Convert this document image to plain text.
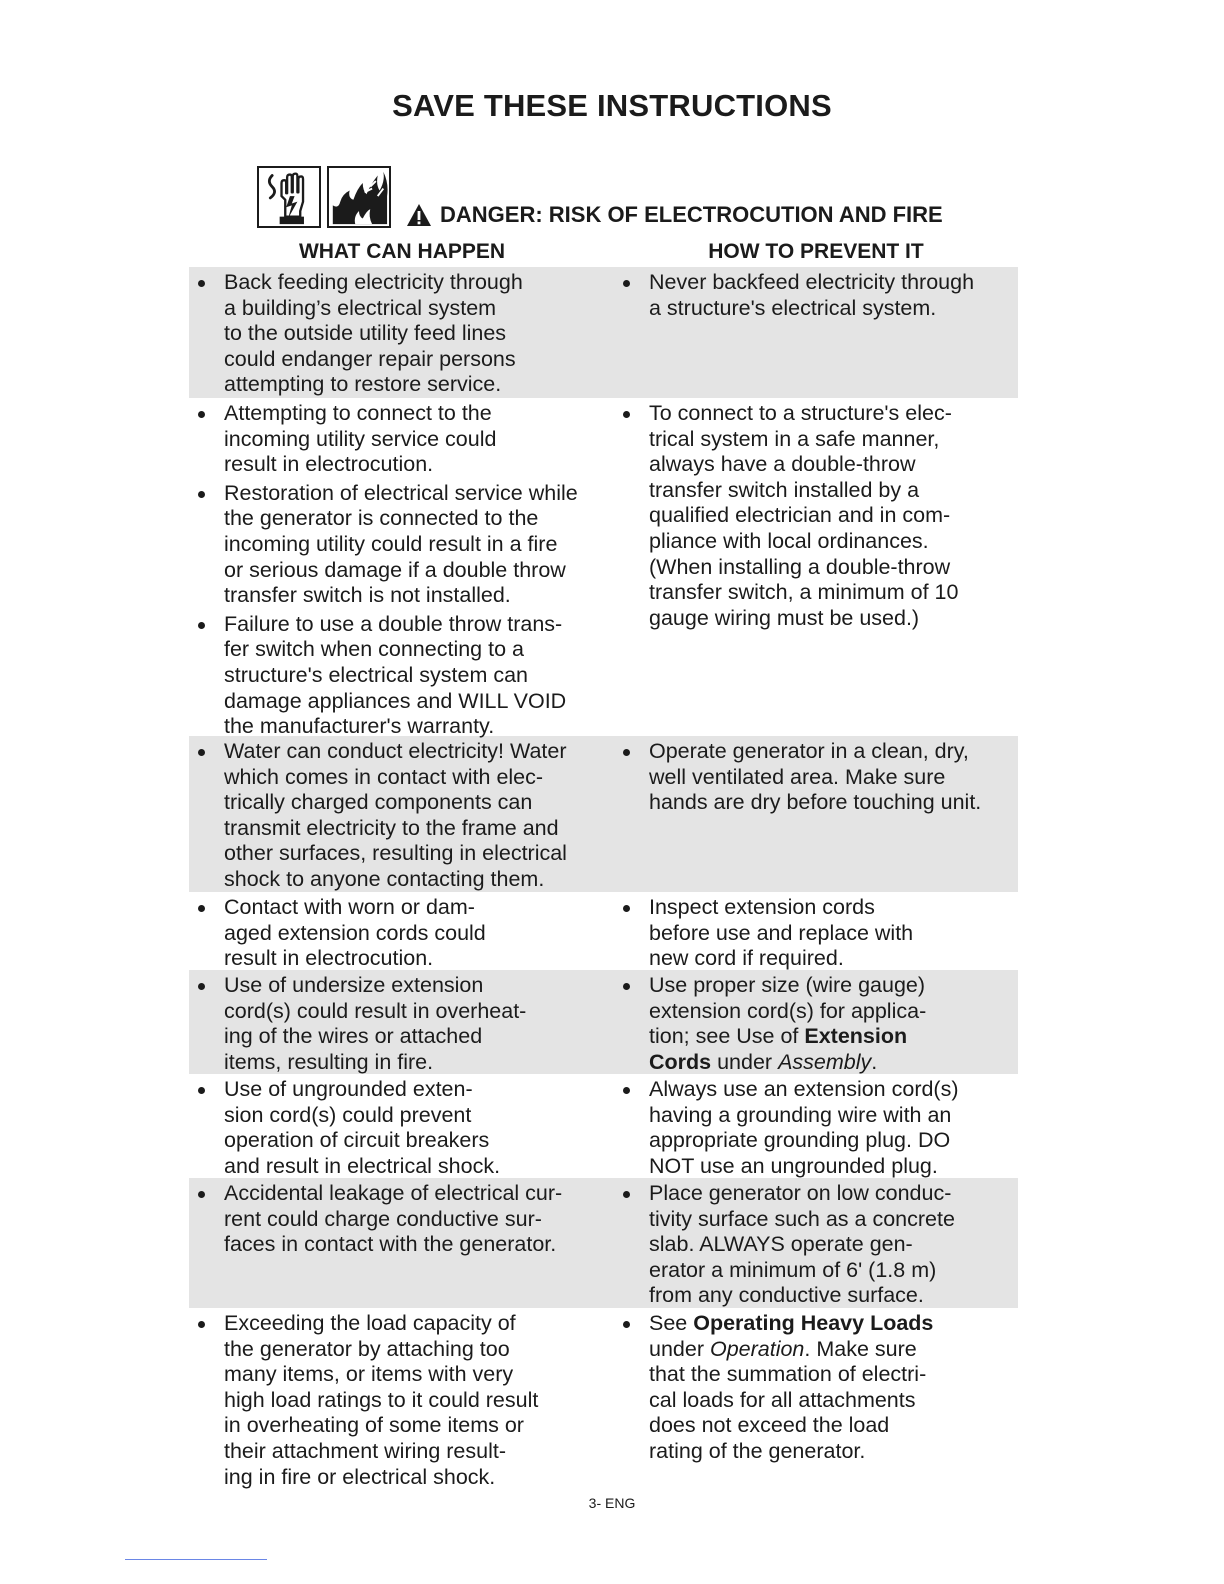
SAVE THESE INSTRUCTIONS
DANGER: RISK OF ELECTROCUTION AND FIRE
WHAT CAN HAPPEN	HOW TO PREVENT IT
Back feeding electricity through
a building’s electrical system
to the outside utility feed lines
could endanger repair persons
attempting to restore service.
Never backfeed electricity through
a structure's electrical system.
Attempting to connect to the
incoming utility service could
result in electrocution.
Restoration of electrical service while
the generator is connected to the
incoming utility could result in a fire
or serious damage if a double throw
transfer switch is not installed.
Failure to use a double throw trans-
fer switch when connecting to a
structure's electrical system can
damage appliances and WILL VOID
the manufacturer's warranty.
To connect to a structure's elec-
trical system in a safe manner,
always have a double-throw
transfer switch installed by a
qualified electrician and in com-
pliance with local ordinances.
(When installing a double-throw
transfer switch, a minimum of 10
gauge wiring must be used.)
Water can conduct electricity! Water
which comes in contact with elec-
trically charged components can
transmit electricity to the frame and
other surfaces, resulting in electrical
shock to anyone contacting them.
Operate generator in a clean, dry,
well ventilated area. Make sure
hands are dry before touching unit.
Contact with worn or dam-
aged extension cords could
result in electrocution.
Inspect extension cords
before use and replace with
new cord if required.
Use of undersize extension
cord(s) could result in overheat-
ing of the wires or attached
items, resulting in fire.
Use proper size (wire gauge)
extension cord(s) for applica-
tion; see Use of Extension
Cords under Assembly.
Use of ungrounded exten-
sion cord(s) could prevent
operation of circuit breakers
and result in electrical shock.
Always use an extension cord(s)
having a grounding wire with an
appropriate grounding plug. DO
NOT use an ungrounded plug.
Accidental leakage of electrical cur-
rent could charge conductive sur-
faces in contact with the generator.
Place generator on low conduc-
tivity surface such as a concrete
slab. ALWAYS operate gen-
erator a minimum of 6' (1.8 m)
from any conductive surface.
Exceeding the load capacity of
the generator by attaching too
many items, or items with very
high load ratings to it could result
in overheating of some items or
their attachment wiring result-
ing in fire or electrical shock.
See Operating Heavy Loads
under Operation. Make sure
that the summation of electri-
cal loads for all attachments
does not exceed the load
rating of the generator.
3- ENG
